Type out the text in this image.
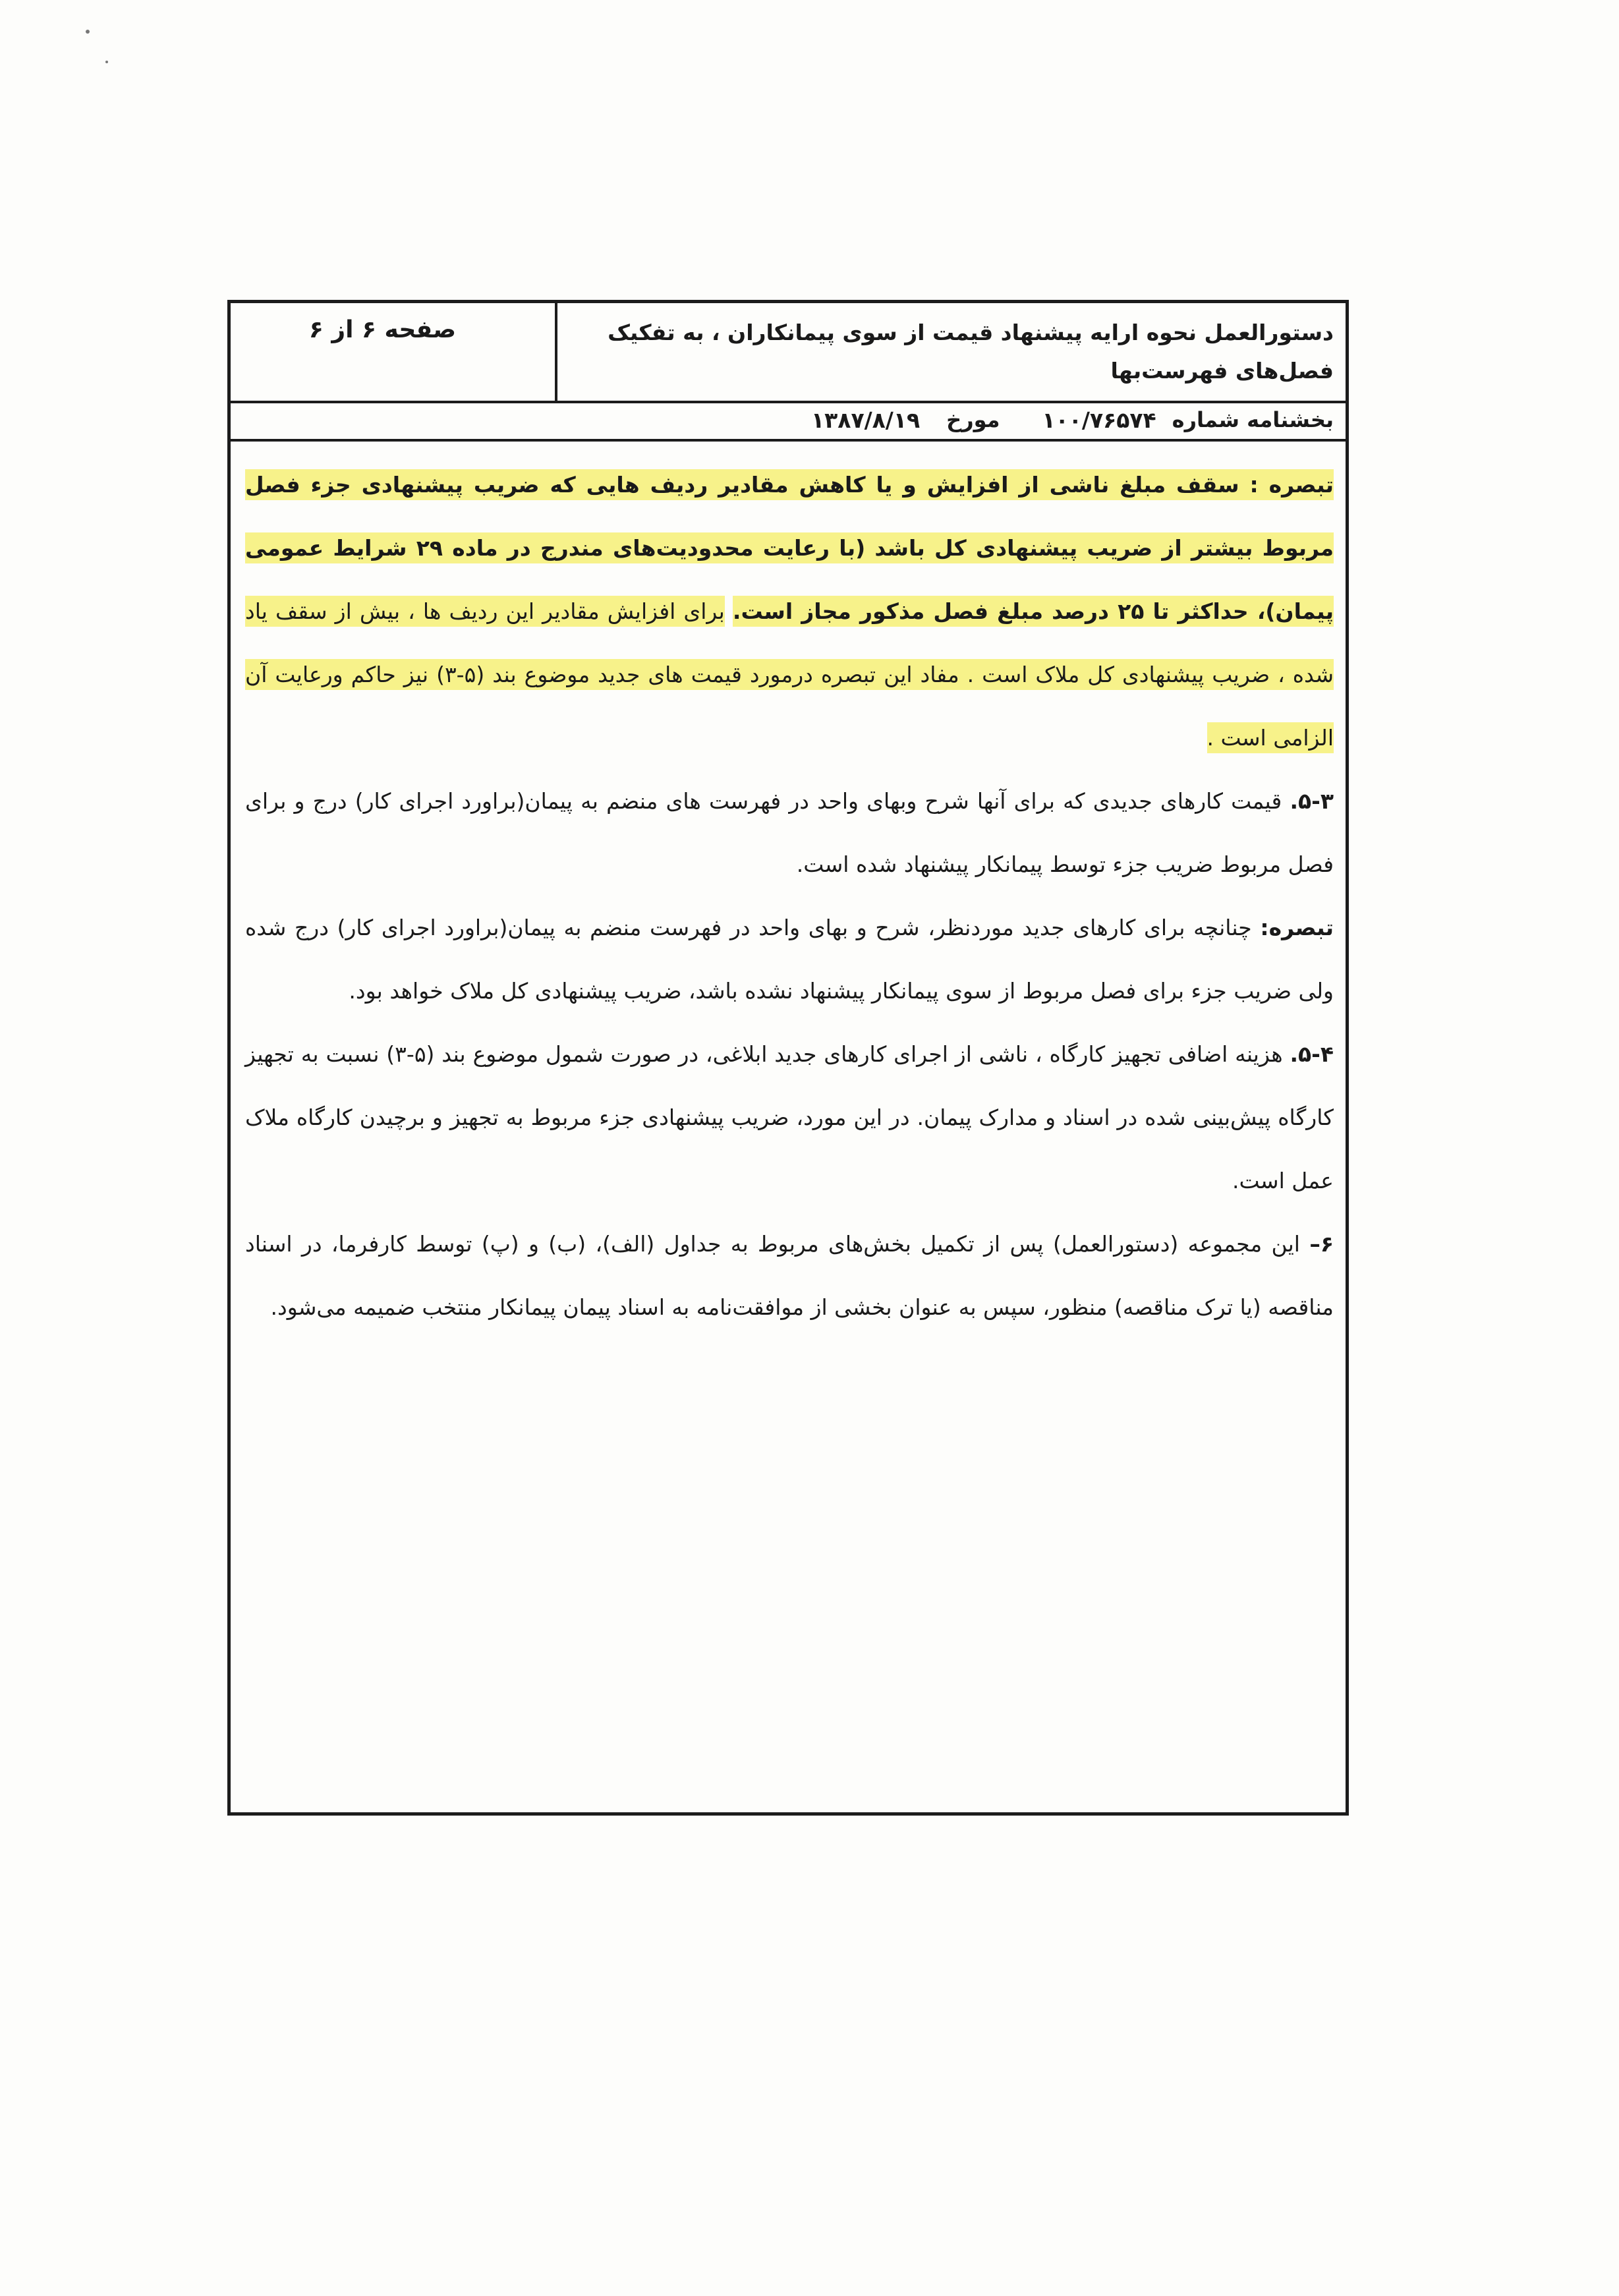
دستورالعمل نحوه ارایه پیشنهاد قیمت از سوی پیمانکاران ، به تفکیک فصل‌های فهرست‌بها
صفحه ۶ از ۶
بخشنامه شماره
۱۰۰/۷۶۵۷۴
مورخ
۱۳۸۷/۸/۱۹

تبصره : سقف مبلغ ناشی از افزایش و یا کاهش مقادیر ردیف هایی که ضریب پیشنهادی جزء فصل مربوط بیشتر از ضریب پیشنهادی کل باشد (با رعایت محدودیت‌های مندرج در ماده ۲۹ شرایط عمومی پیمان)، حداکثر تا ۲۵ درصد مبلغ فصل مذکور مجاز است. برای افزایش مقادیر این ردیف ها ، بیش از سقف یاد شده ، ضریب پیشنهادی کل ملاک است . مفاد این تبصره درمورد قیمت های جدید موضوع بند (۵-۳) نیز حاکم ورعایت آن الزامی است .

۵-۳. قیمت کارهای جدیدی که برای آنها شرح وبهای واحد در فهرست های منضم به پیمان(براورد اجرای کار) درج و برای فصل مربوط ضریب جزء توسط پیمانکار پیشنهاد شده است.

تبصره: چنانچه برای کارهای جدید موردنظر، شرح و بهای واحد در فهرست منضم به پیمان(براورد اجرای کار) درج شده ولی ضریب جزء برای فصل مربوط از سوی پیمانکار پیشنهاد نشده باشد، ضریب پیشنهادی کل ملاک خواهد بود.

۵-۴. هزینه اضافی تجهیز کارگاه ، ناشی از اجرای کارهای جدید ابلاغی، در صورت شمول موضوع بند (۵-۳) نسبت به تجهیز کارگاه پیش‌بینی شده در اسناد و مدارک پیمان. در این مورد، ضریب پیشنهادی جزء مربوط به تجهیز و برچیدن کارگاه ملاک عمل است.

۶– این مجموعه (دستورالعمل) پس از تکمیل بخش‌های مربوط به جداول (الف)، (ب) و (پ) توسط کارفرما، در اسناد مناقصه (یا ترک مناقصه) منظور، سپس به عنوان بخشی از موافقت‌نامه به اسناد پیمان پیمانکار منتخب ضمیمه می‌شود.
